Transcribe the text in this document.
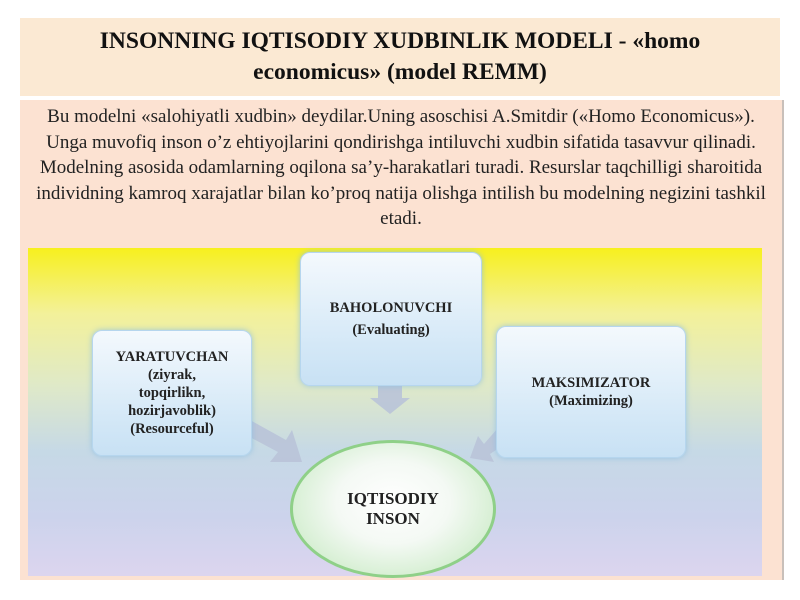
INSONNING IQTISODIY XUDBINLIK MODELI - «homo
economicus» (model REMM)
Bu modelni «salohiyatli xudbin» deydilar.Uning asoschisi A.Smitdir («Homo Economicus»). Unga muvofiq inson o’z ehtiyojlarini qondirishga intiluvchi xudbin sifatida tasavvur qilinadi. Modelning asosida odamlarning oqilona sa’y-harakatlari turadi. Resurslar taqchilligi sharoitida individning kamroq xarajatlar bilan ko’proq natija olishga intilish bu modelning negizini tashkil etadi.
YARATUVCHAN
(ziyrak,
topqirlikn,
hozirjavoblik)
(Resourceful)
BAHOLONUVCHI
(Evaluating)
MAKSIMIZATOR
(Maximizing)
IQTISODIY
INSON
